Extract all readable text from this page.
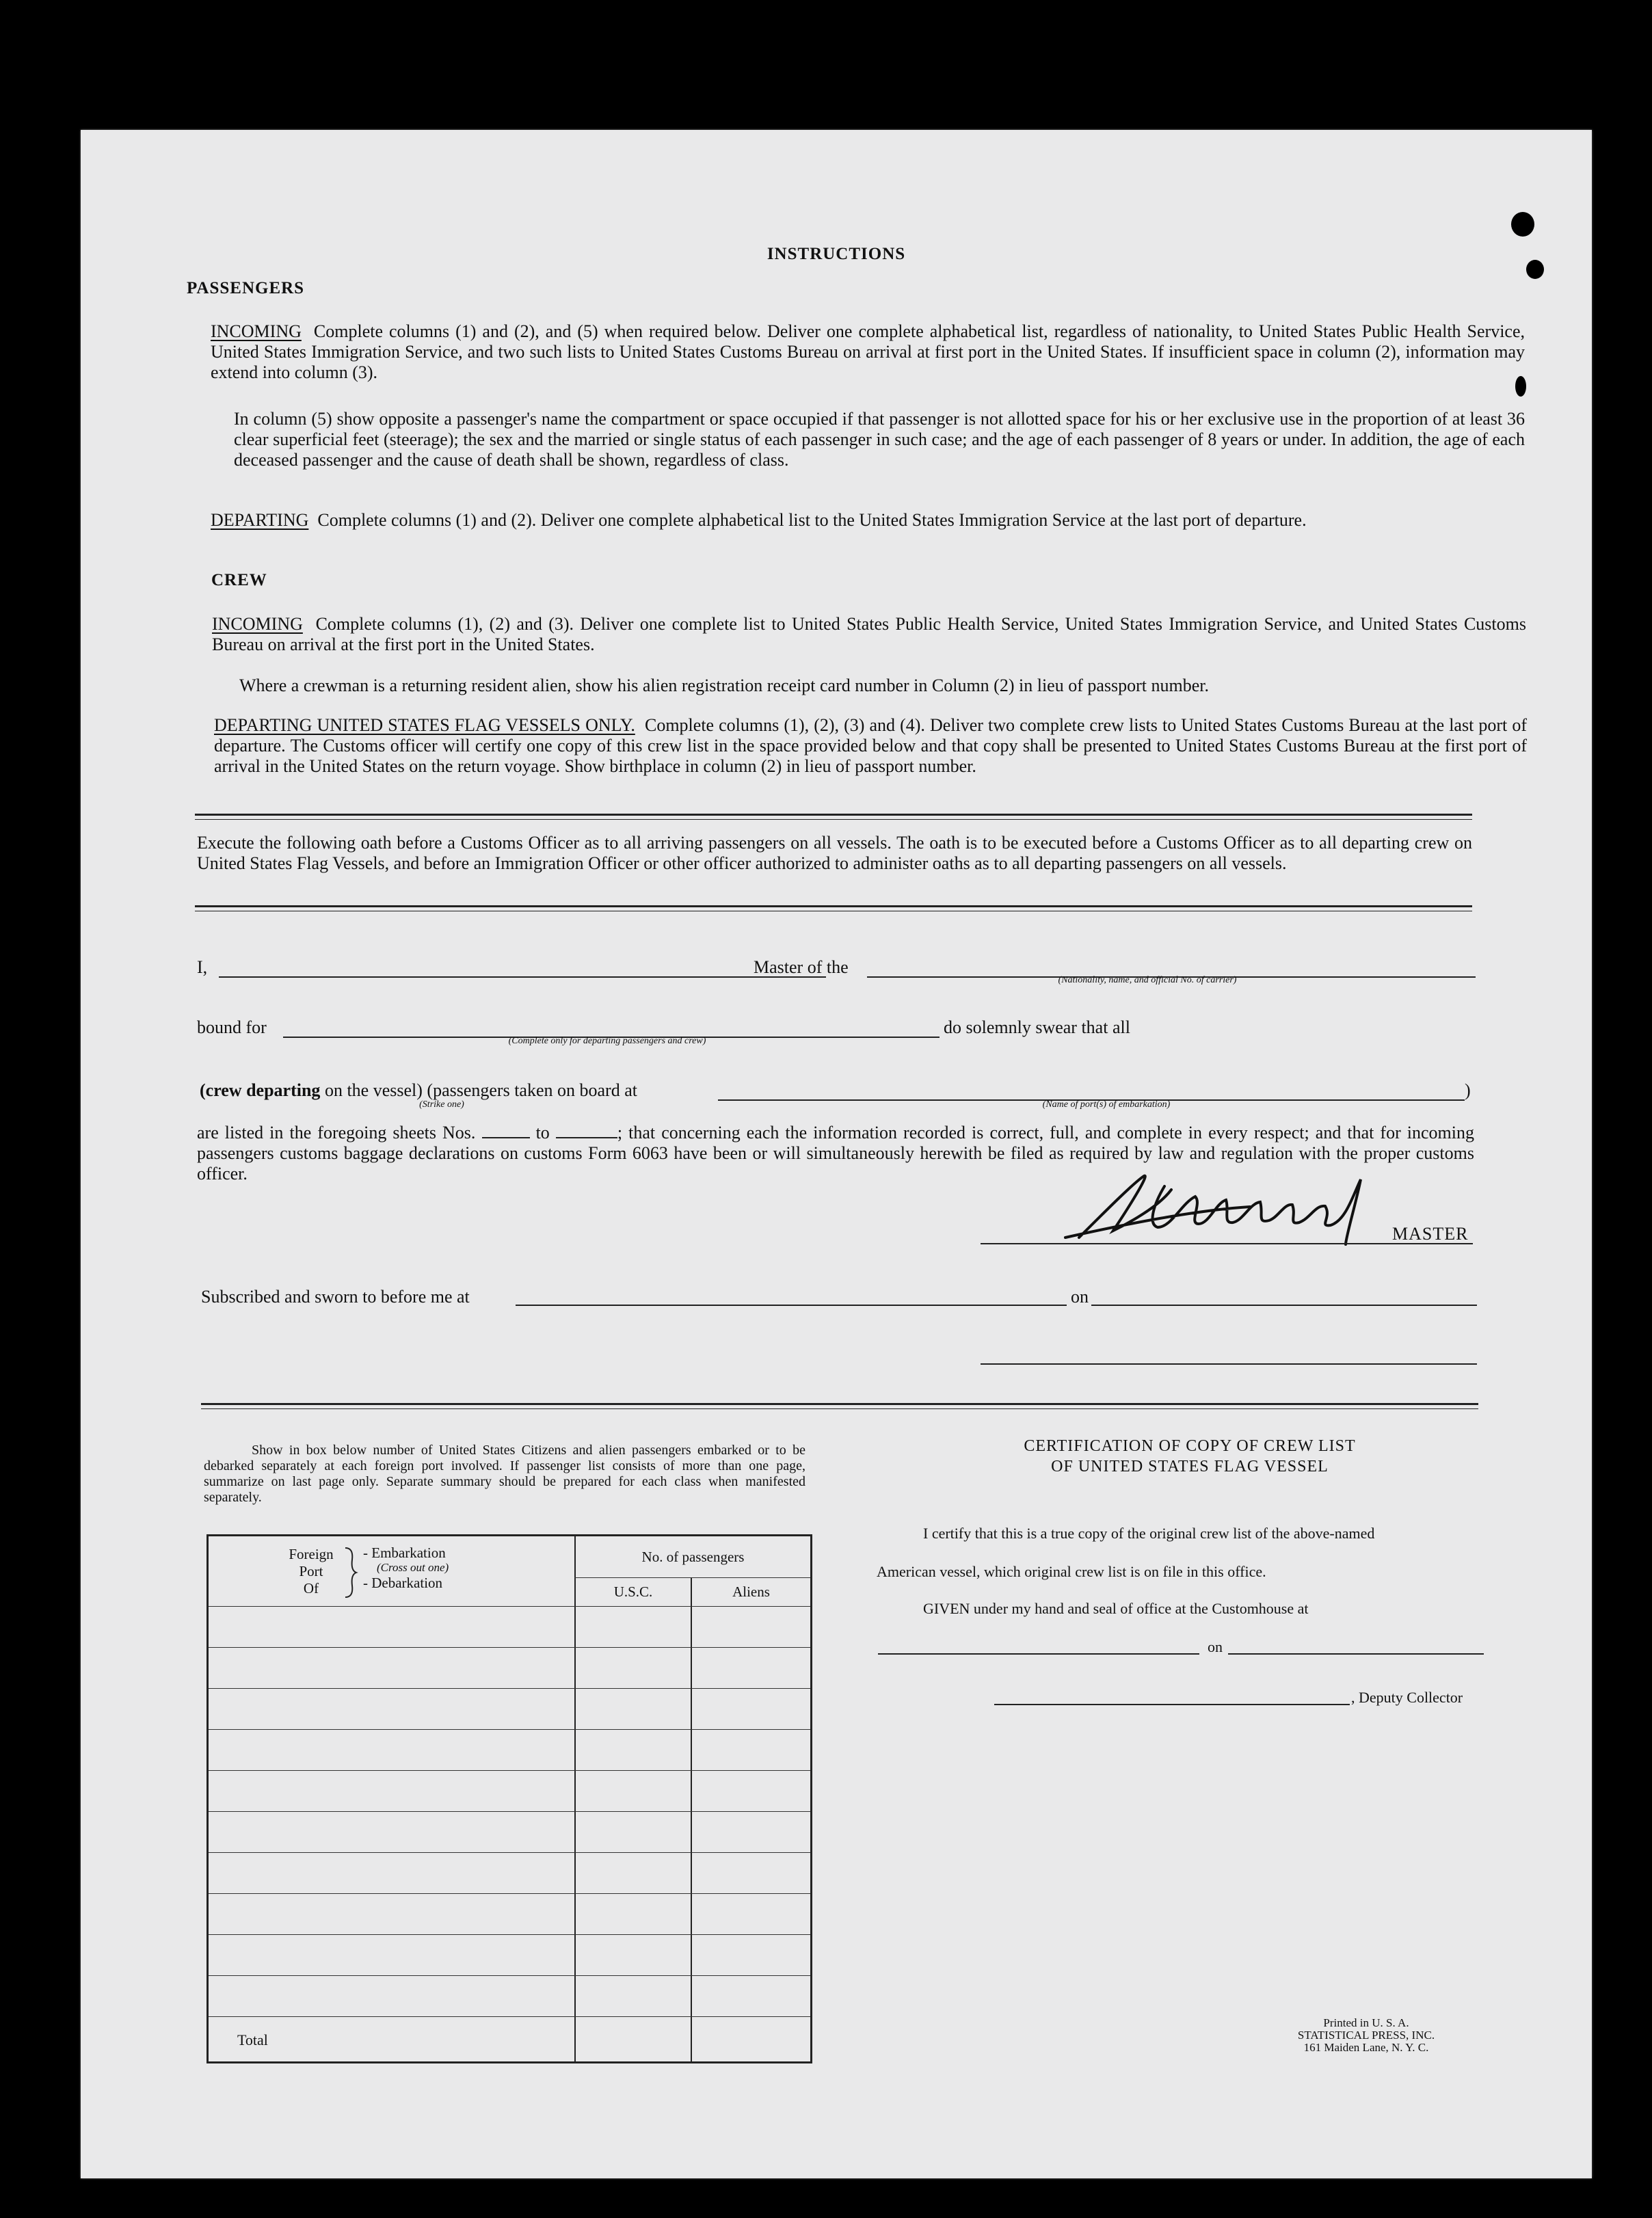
INSTRUCTIONS
PASSENGERS
INCOMING Complete columns (1) and (2), and (5) when required below. Deliver one complete alphabetical list, regardless of nationality, to United States Public Health Service, United States Immigration Service, and two such lists to United States Customs Bureau on arrival at first port in the United States. If insufficient space in column (2), information may extend into column (3).
In column (5) show opposite a passenger's name the compartment or space occupied if that passenger is not allotted space for his or her exclusive use in the proportion of at least 36 clear superficial feet (steerage); the sex and the married or single status of each passenger in such case; and the age of each passenger of 8 years or under. In addition, the age of each deceased passenger and the cause of death shall be shown, regardless of class.
DEPARTING Complete columns (1) and (2). Deliver one complete alphabetical list to the United States Immigration Service at the last port of departure.
CREW
INCOMING Complete columns (1), (2) and (3). Deliver one complete list to United States Public Health Service, United States Immigration Service, and United States Customs Bureau on arrival at the first port in the United States.
Where a crewman is a returning resident alien, show his alien registration receipt card number in Column (2) in lieu of passport number.
DEPARTING UNITED STATES FLAG VESSELS ONLY. Complete columns (1), (2), (3) and (4). Deliver two complete crew lists to United States Customs Bureau at the last port of departure. The Customs officer will certify one copy of this crew list in the space provided below and that copy shall be presented to United States Customs Bureau at the first port of arrival in the United States on the return voyage. Show birthplace in column (2) in lieu of passport number.
Execute the following oath before a Customs Officer as to all arriving passengers on all vessels. The oath is to be executed before a Customs Officer as to all departing crew on United States Flag Vessels, and before an Immigration Officer or other officer authorized to administer oaths as to all departing passengers on all vessels.
I,	Master of the
(Nationality, name, and official No. of carrier)
bound for
(Complete only for departing passengers and crew)
do solemnly swear that all
(crew departing on the vessel) (passengers taken on board at
(Strike one)
)
(Name of port(s) of embarkation)
are listed in the foregoing sheets Nos.	to	; that concerning each the information recorded is correct, full, and complete in every respect; and that for incoming passengers customs baggage declarations on customs Form 6063 have been or will simultaneously herewith be filed as required by law and regulation with the proper customs officer.
MASTER
Subscribed and sworn to before me at	on
Show in box below number of United States Citizens and alien passengers embarked or to be debarked separately at each foreign port involved. If passenger list consists of more than one page, summarize on last page only. Separate summary should be prepared for each class when manifested separately.
Foreign
Port
Of
- Embarkation
(Cross out one)
- Debarkation
No. of passengers
U.S.C.	Aliens
Total
CERTIFICATION OF COPY OF CREW LIST
OF UNITED STATES FLAG VESSEL
I certify that this is a true copy of the original crew list of the above-named
American vessel, which original crew list is on file in this office.
GIVEN under my hand and seal of office at the Customhouse at
on
, Deputy Collector
Printed in U. S. A.
STATISTICAL PRESS, INC.
161 Maiden Lane, N. Y. C.
